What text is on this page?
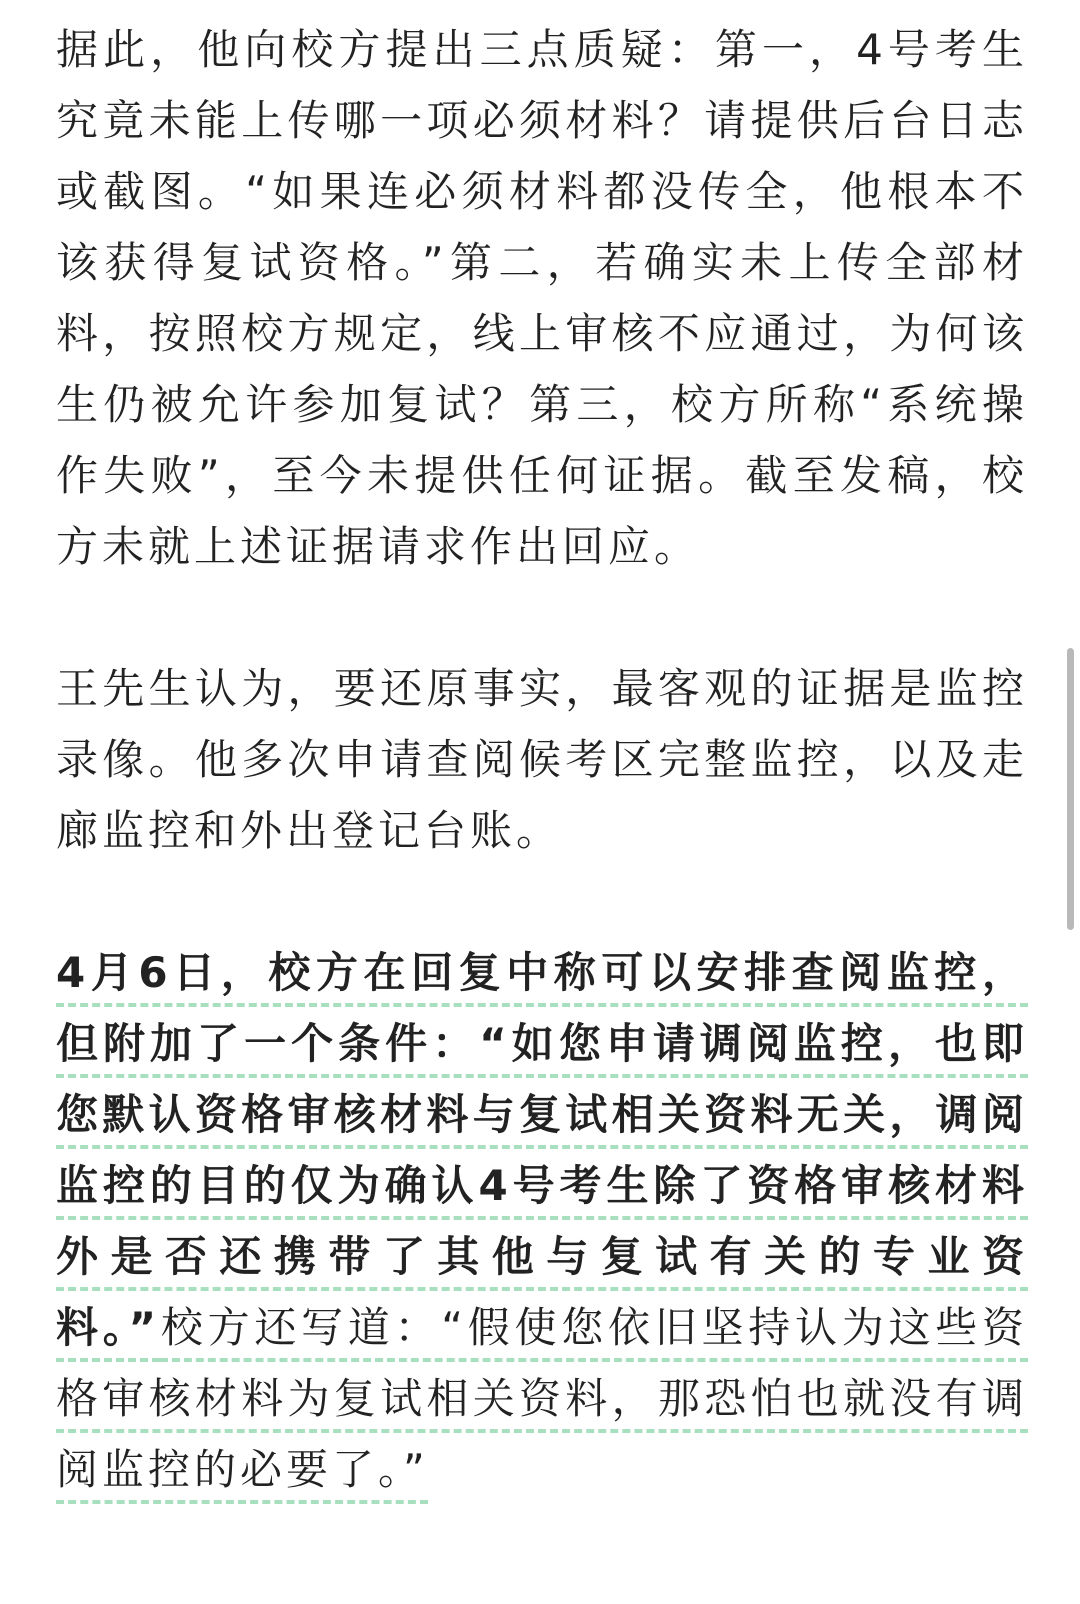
据此，他向校方提出三点质疑：第一，4号考生究竟未能上传哪一项必须材料？请提供后台日志或截图。“如果连必须材料都没传全，他根本不该获得复试资格。”第二，若确实未上传全部材料，按照校方规定，线上审核不应通过，为何该生仍被允许参加复试？第三，校方所称“系统操作失败”，至今未提供任何证据。截至发稿，校方未就上述证据请求作出回应。

王先生认为，要还原事实，最客观的证据是监控录像。他多次申请查阅候考区完整监控，以及走廊监控和外出登记台账。

4月6日，校方在回复中称可以安排查阅监控，但附加了一个条件：“如您申请调阅监控，也即您默认资格审核材料与复试相关资料无关，调阅监控的目的仅为确认4号考生除了资格审核材料外是否还携带了其他与复试有关的专业资料。”校方还写道：“假使您依旧坚持认为这些资格审核材料为复试相关资料，那恐怕也就没有调阅监控的必要了。”
